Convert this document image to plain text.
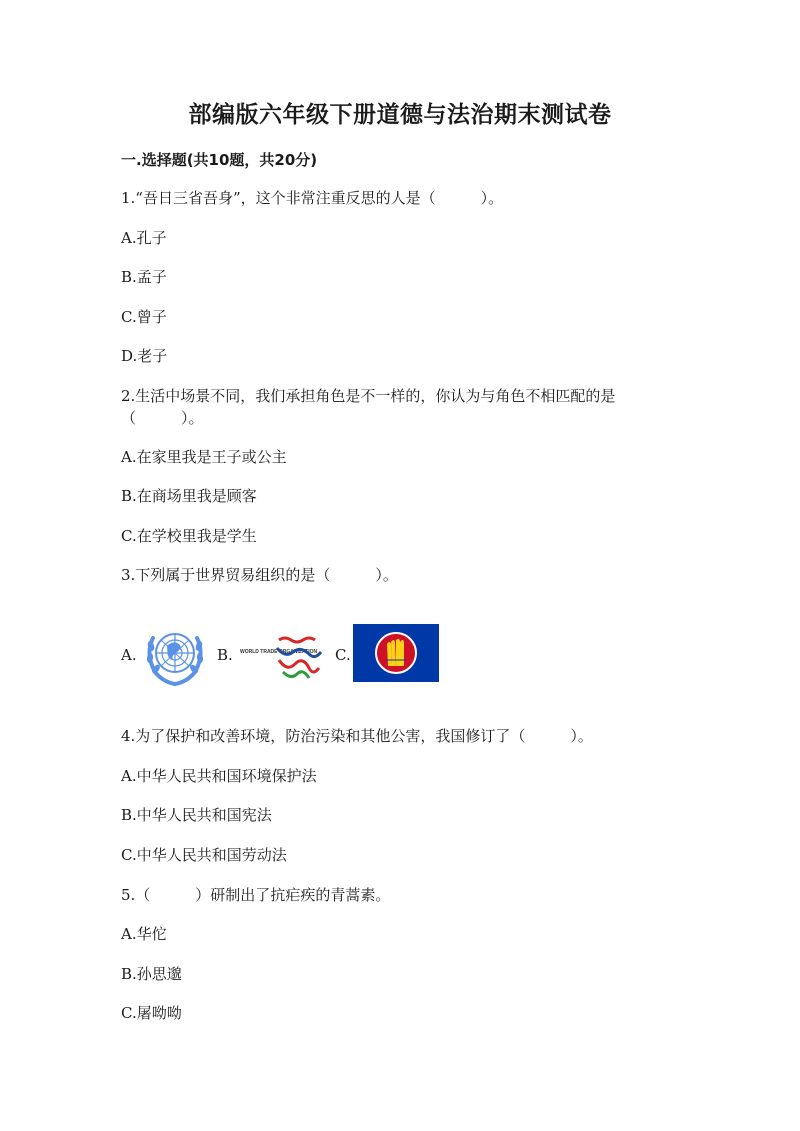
部编版六年级下册道德与法治期末测试卷
一.选择题(共10题，共20分)
1.“吾日三省吾身”，这个非常注重反思的人是（　　　）。
A.孔子
B.孟子
C.曾子
D.老子
2.生活中场景不同，我们承担角色是不一样的，你认为与角色不相匹配的是（　　　）。
A.在家里我是王子或公主
B.在商场里我是顾客
C.在学校里我是学生
3.下列属于世界贸易组织的是（　　　）。
A.	B. WORLD TRADE ORGANIZATION C.
4.为了保护和改善环境，防治污染和其他公害，我国修订了（　　　）。
A.中华人民共和国环境保护法
B.中华人民共和国宪法
C.中华人民共和国劳动法
5.（　　　）研制出了抗疟疾的青蒿素。
A.华佗
B.孙思邈
C.屠呦呦
